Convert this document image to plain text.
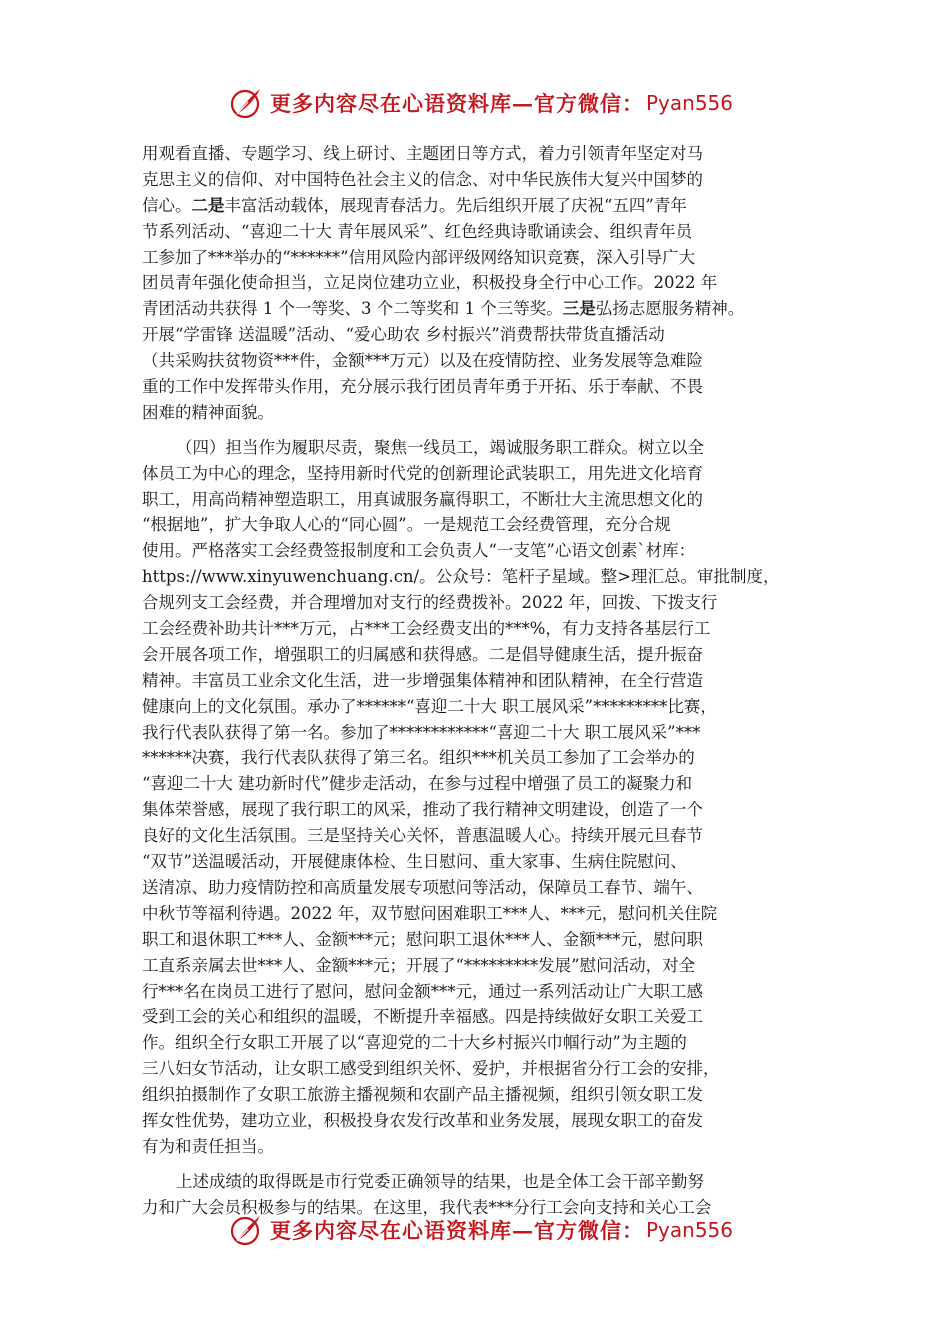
更多内容尽在心语资料库—官方微信： Pyan556
用观看直播、专题学习、线上研讨、主题团日等方式，着力引领青年坚定对马
克思主义的信仰、对中国特色社会主义的信念、对中华民族伟大复兴中国梦的
信心。二是丰富活动载体，展现青春活力。先后组织开展了庆祝“五四”青年
节系列活动、“喜迎二十大 青年展风采”、红色经典诗歌诵读会、组织青年员
工参加了***举办的“******”信用风险内部评级网络知识竞赛，深入引导广大
团员青年强化使命担当，立足岗位建功立业，积极投身全行中心工作。2022 年
青团活动共获得 1 个一等奖、3 个二等奖和 1 个三等奖。三是弘扬志愿服务精神。
开展“学雷锋 送温暖”活动、“爱心助农 乡村振兴”消费帮扶带货直播活动
（共采购扶贫物资***件，金额***万元）以及在疫情防控、业务发展等急难险
重的工作中发挥带头作用，充分展示我行团员青年勇于开拓、乐于奉献、不畏
困难的精神面貌。
（四）担当作为履职尽责，聚焦一线员工，竭诚服务职工群众。树立以全
体员工为中心的理念，坚持用新时代党的创新理论武装职工，用先进文化培育
职工，用高尚精神塑造职工，用真诚服务赢得职工，不断壮大主流思想文化的
“根据地”，扩大争取人心的“同心圆”。一是规范工会经费管理，充分合规
使用。严格落实工会经费签报制度和工会负责人“一支笔”心语文创素`材库：
https://www.xinyuwenchuang.cn/。公众号：笔杆子星域。整>理汇总。审批制度，
合规列支工会经费，并合理增加对支行的经费拨补。2022 年，回拨、下拨支行
工会经费补助共计***万元，占***工会经费支出的***%，有力支持各基层行工
会开展各项工作，增强职工的归属感和获得感。二是倡导健康生活，提升振奋
精神。丰富员工业余文化生活，进一步增强集体精神和团队精神，在全行营造
健康向上的文化氛围。承办了******“喜迎二十大 职工展风采”*********比赛，
我行代表队获得了第一名。参加了************“喜迎二十大 职工展风采”***
******决赛，我行代表队获得了第三名。组织***机关员工参加了工会举办的
“喜迎二十大 建功新时代”健步走活动，在参与过程中增强了员工的凝聚力和
集体荣誉感，展现了我行职工的风采，推动了我行精神文明建设，创造了一个
良好的文化生活氛围。三是坚持关心关怀，普惠温暖人心。持续开展元旦春节
“双节”送温暖活动，开展健康体检、生日慰问、重大家事、生病住院慰问、
送清凉、助力疫情防控和高质量发展专项慰问等活动，保障员工春节、端午、
中秋节等福利待遇。2022 年，双节慰问困难职工***人、***元，慰问机关住院
职工和退休职工***人、金额***元；慰问职工退休***人、金额***元，慰问职
工直系亲属去世***人、金额***元；开展了“*********发展”慰问活动，对全
行***名在岗员工进行了慰问，慰问金额***元，通过一系列活动让广大职工感
受到工会的关心和组织的温暖，不断提升幸福感。四是持续做好女职工关爱工
作。组织全行女职工开展了以“喜迎党的二十大乡村振兴巾帼行动”为主题的
三八妇女节活动，让女职工感受到组织关怀、爱护，并根据省分行工会的安排，
组织拍摄制作了女职工旅游主播视频和农副产品主播视频，组织引领女职工发
挥女性优势，建功立业，积极投身农发行改革和业务发展，展现女职工的奋发
有为和责任担当。
上述成绩的取得既是市行党委正确领导的结果，也是全体工会干部辛勤努
力和广大会员积极参与的结果。在这里，我代表***分行工会向支持和关心工会
更多内容尽在心语资料库—官方微信： Pyan556
